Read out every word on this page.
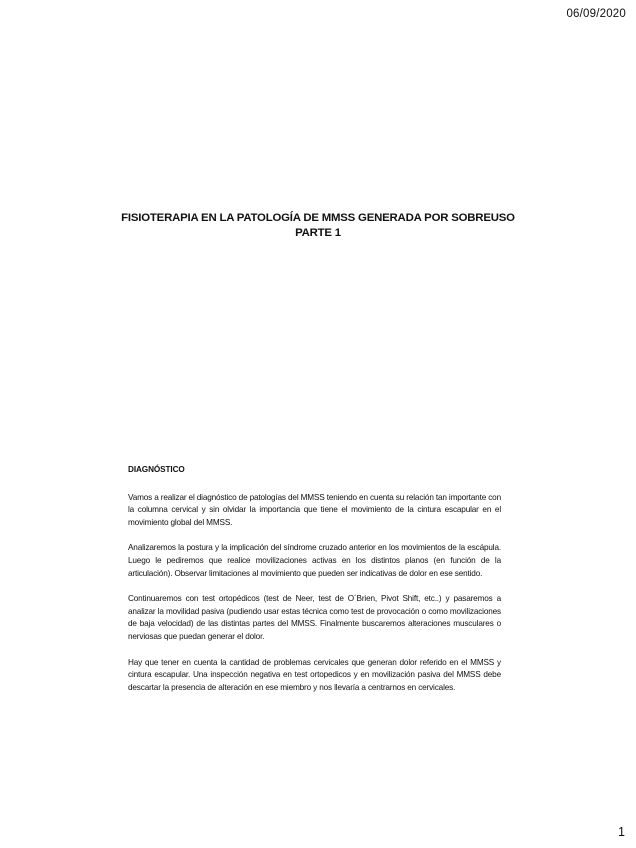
06/09/2020
FISIOTERAPIA EN LA PATOLOGÍA DE MMSS GENERADA POR SOBREUSO
PARTE 1
DIAGNÓSTICO

Vamos a realizar el diagnóstico de patologías del MMSS teniendo en cuenta su relación tan importante con la columna cervical y sin olvidar la importancia que tiene el movimiento de la cintura escapular en el movimiento global del MMSS.

Analizaremos la postura y la implicación del síndrome cruzado anterior en los movimientos de la escápula. Luego le pediremos que realice movilizaciones activas en los distintos planos (en función de la articulación). Observar limitaciones al movimiento que pueden ser indicativas de dolor en ese sentido.

Continuaremos con test ortopédicos (test de Neer, test de O´Brien, Pivot Shift, etc..) y pasaremos a analizar la movilidad pasiva (pudiendo usar estas técnica como test de provocación o como movilizaciones de baja velocidad) de las distintas partes del MMSS. Finalmente buscaremos alteraciones musculares o nerviosas que puedan generar el dolor.

Hay que tener en cuenta la cantidad de problemas cervicales que generan dolor referido en el MMSS y cintura escapular. Una inspección negativa en test ortopedicos y en movilización pasiva del MMSS debe descartar la presencia de alteración en ese miembro y nos llevaría a centrarnos en cervicales.

1
